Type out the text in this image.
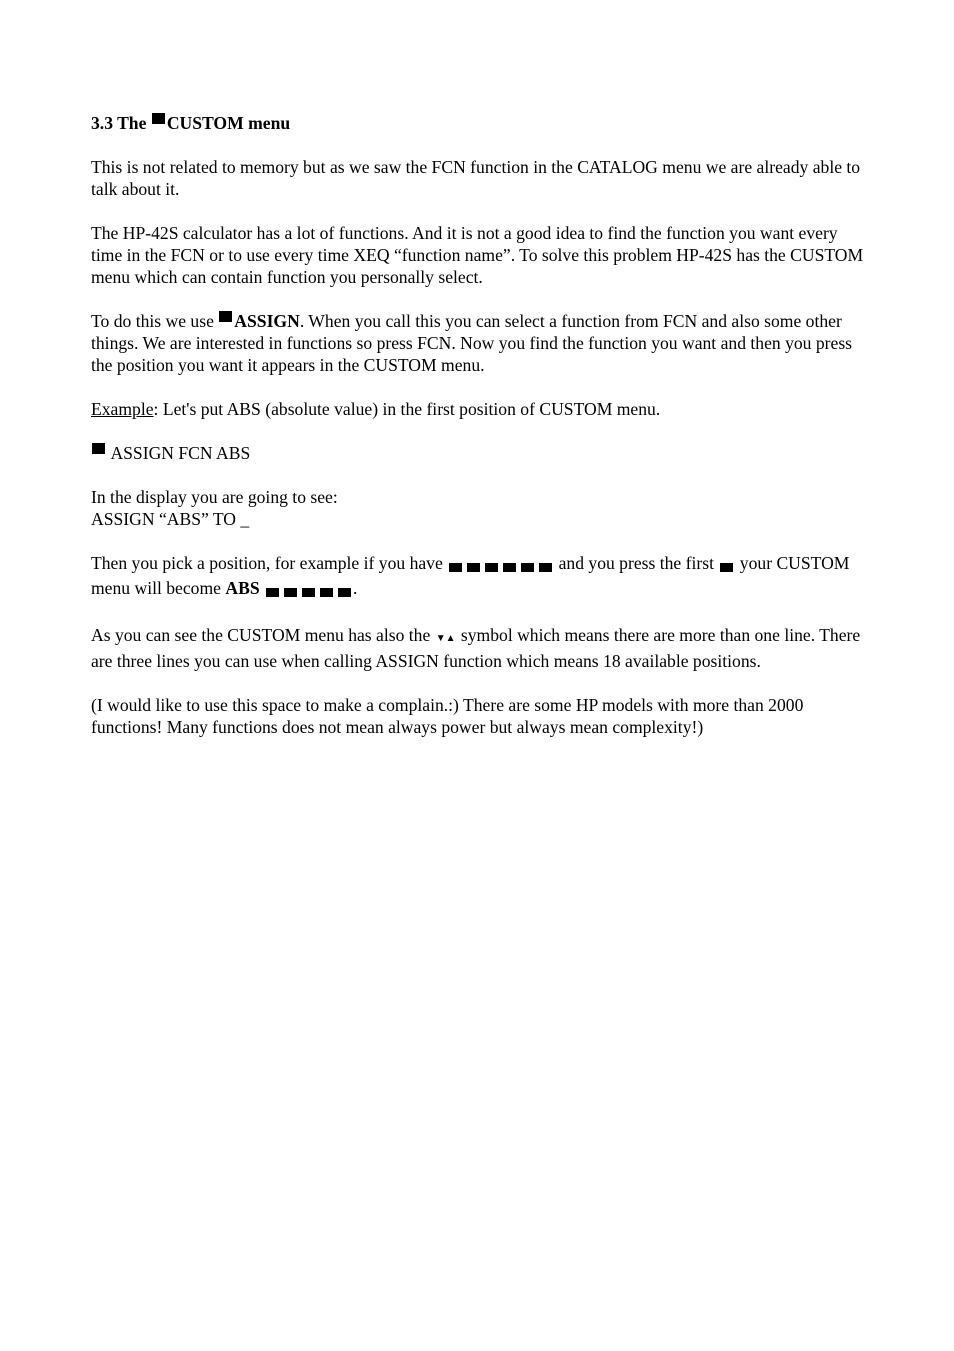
3.3 The CUSTOM menu

This is not related to memory but as we saw the FCN function in the CATALOG menu we are already able to talk about it.

The HP-42S calculator has a lot of functions. And it is not a good idea to find the function you want every time in the FCN or to use every time XEQ “function name”. To solve this problem HP-42S has the CUSTOM menu which can contain function you personally select.

To do this we use ASSIGN. When you call this you can select a function from FCN and also some other things. We are interested in functions so press FCN. Now you find the function you want and then you press the position you want it appears in the CUSTOM menu.

Example: Let's put ABS (absolute value) in the first position of CUSTOM menu.

ASSIGN FCN ABS

In the display you are going to see:
ASSIGN “ABS” TO _

Then you pick a position, for example if you have	and you press the first your CUSTOM menu will become ABS	.

As you can see the CUSTOM menu has also the ▼▲ symbol which means there are more than one line. There are three lines you can use when calling ASSIGN function which means 18 available positions.

(I would like to use this space to make a complain.:) There are some HP models with more than 2000 functions! Many functions does not mean always power but always mean complexity!)
